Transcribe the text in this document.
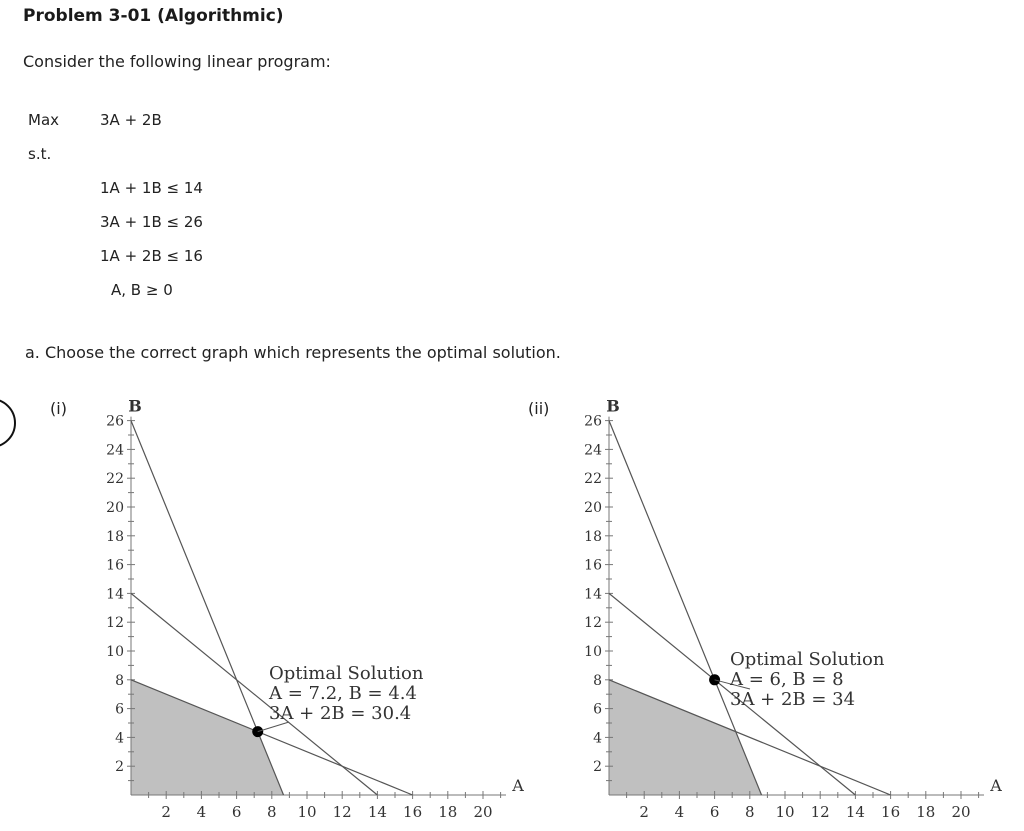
Problem 3-01 (Algorithmic)
Consider the following linear program:
Max	3A + 2B
s.t.
1A + 1B ≤ 14
3A + 1B ≤ 26
1A + 2B ≤ 16
A, B ≥ 0
a. Choose the correct graph which represents the optimal solution.
(i)	(ii)
2 4 6 8 10 12 14 16 18 20
2
4
6
8
10
12
14
16
18
20
22
24
26
B
A
Optimal Solution
A = 7.2, B = 4.4
3A + 2B = 30.4
2 4 6 8 10 12 14 16 18 20
2
4
6
8
10
12
14
16
18
20
22
24
26
B
A
Optimal Solution
A = 6, B = 8
3A + 2B = 34
